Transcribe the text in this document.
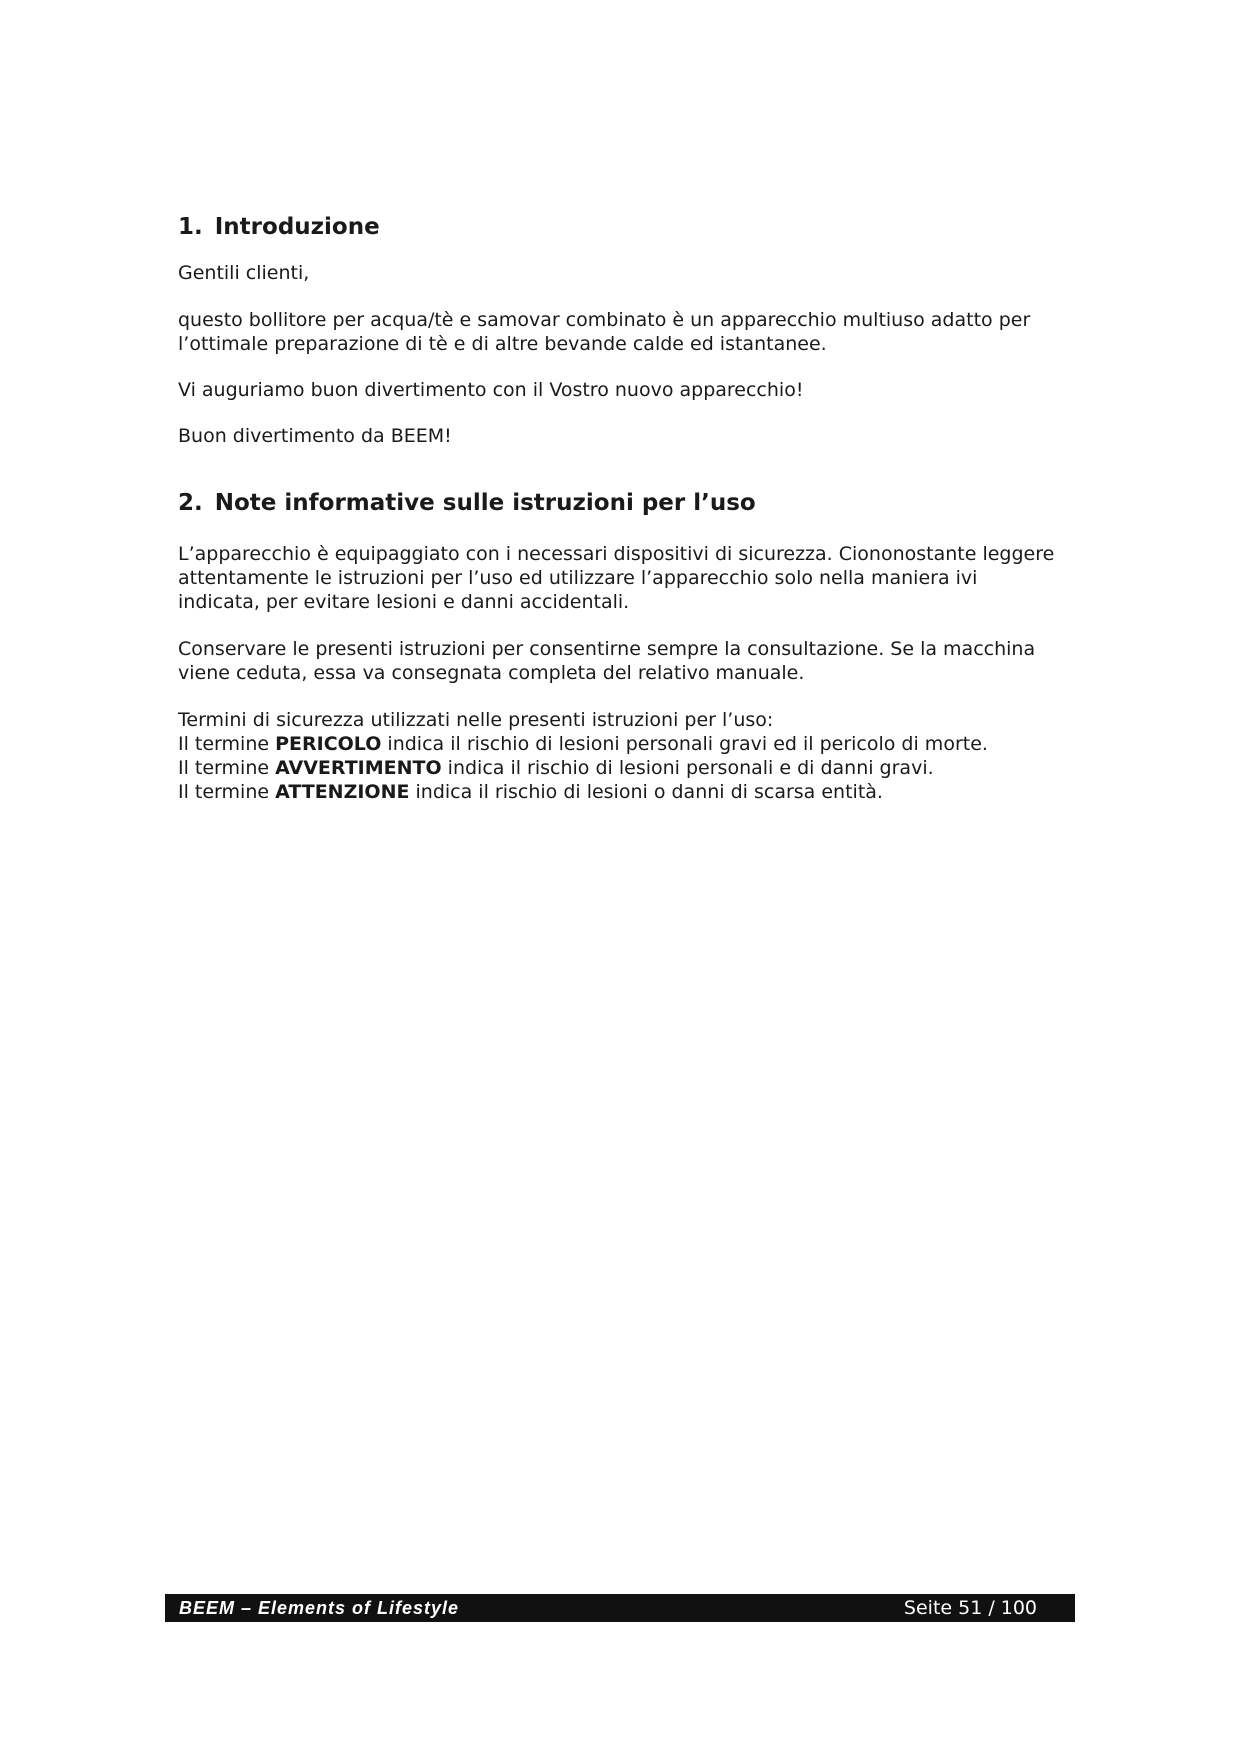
1. Introduzione

Gentili clienti,

questo bollitore per acqua/tè e samovar combinato è un apparecchio multiuso adatto per
l’ottimale preparazione di tè e di altre bevande calde ed istantanee.

Vi auguriamo buon divertimento con il Vostro nuovo apparecchio!

Buon divertimento da BEEM!

2. Note informative sulle istruzioni per l’uso

L’apparecchio è equipaggiato con i necessari dispositivi di sicurezza. Ciononostante leggere
attentamente le istruzioni per l’uso ed utilizzare l’apparecchio solo nella maniera ivi
indicata, per evitare lesioni e danni accidentali.

Conservare le presenti istruzioni per consentirne sempre la consultazione. Se la macchina
viene ceduta, essa va consegnata completa del relativo manuale.

Termini di sicurezza utilizzati nelle presenti istruzioni per l’uso:
Il termine PERICOLO indica il rischio di lesioni personali gravi ed il pericolo di morte.
Il termine AVVERTIMENTO indica il rischio di lesioni personali e di danni gravi.
Il termine ATTENZIONE indica il rischio di lesioni o danni di scarsa entità.

BEEM – Elements of Lifestyle	Seite 51 / 100
